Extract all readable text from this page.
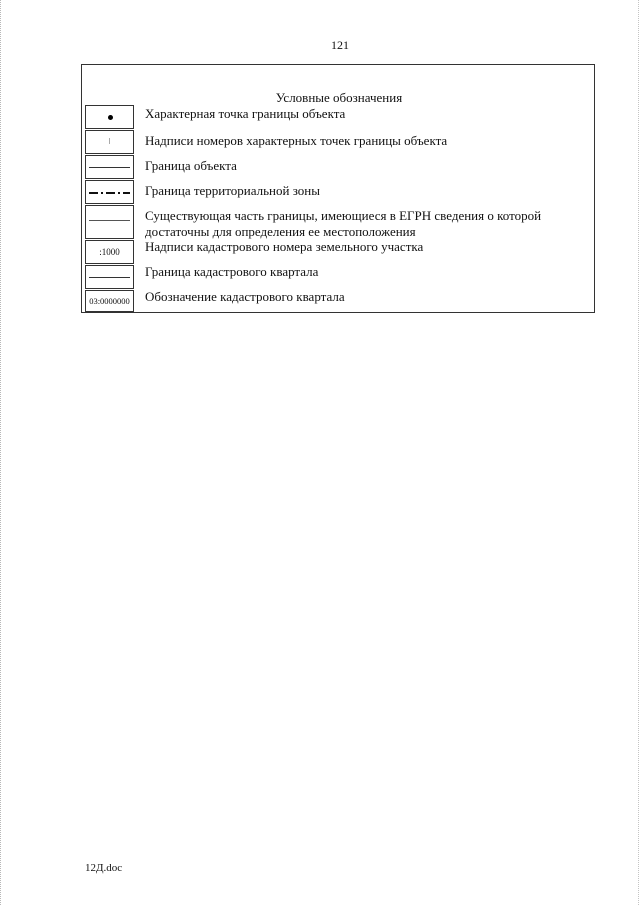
121
Условные обозначения
Характерная точка границы объекта
Надписи номеров характерных точек границы объекта
Граница объекта
Граница территориальной зоны
Существующая часть границы, имеющиеся в ЕГРН сведения о которой
достаточны для определения ее местоположения
:1000	Надписи кадастрового номера земельного участка
Граница кадастрового квартала
03:0000000 Обозначение кадастрового квартала
12Д.doc
